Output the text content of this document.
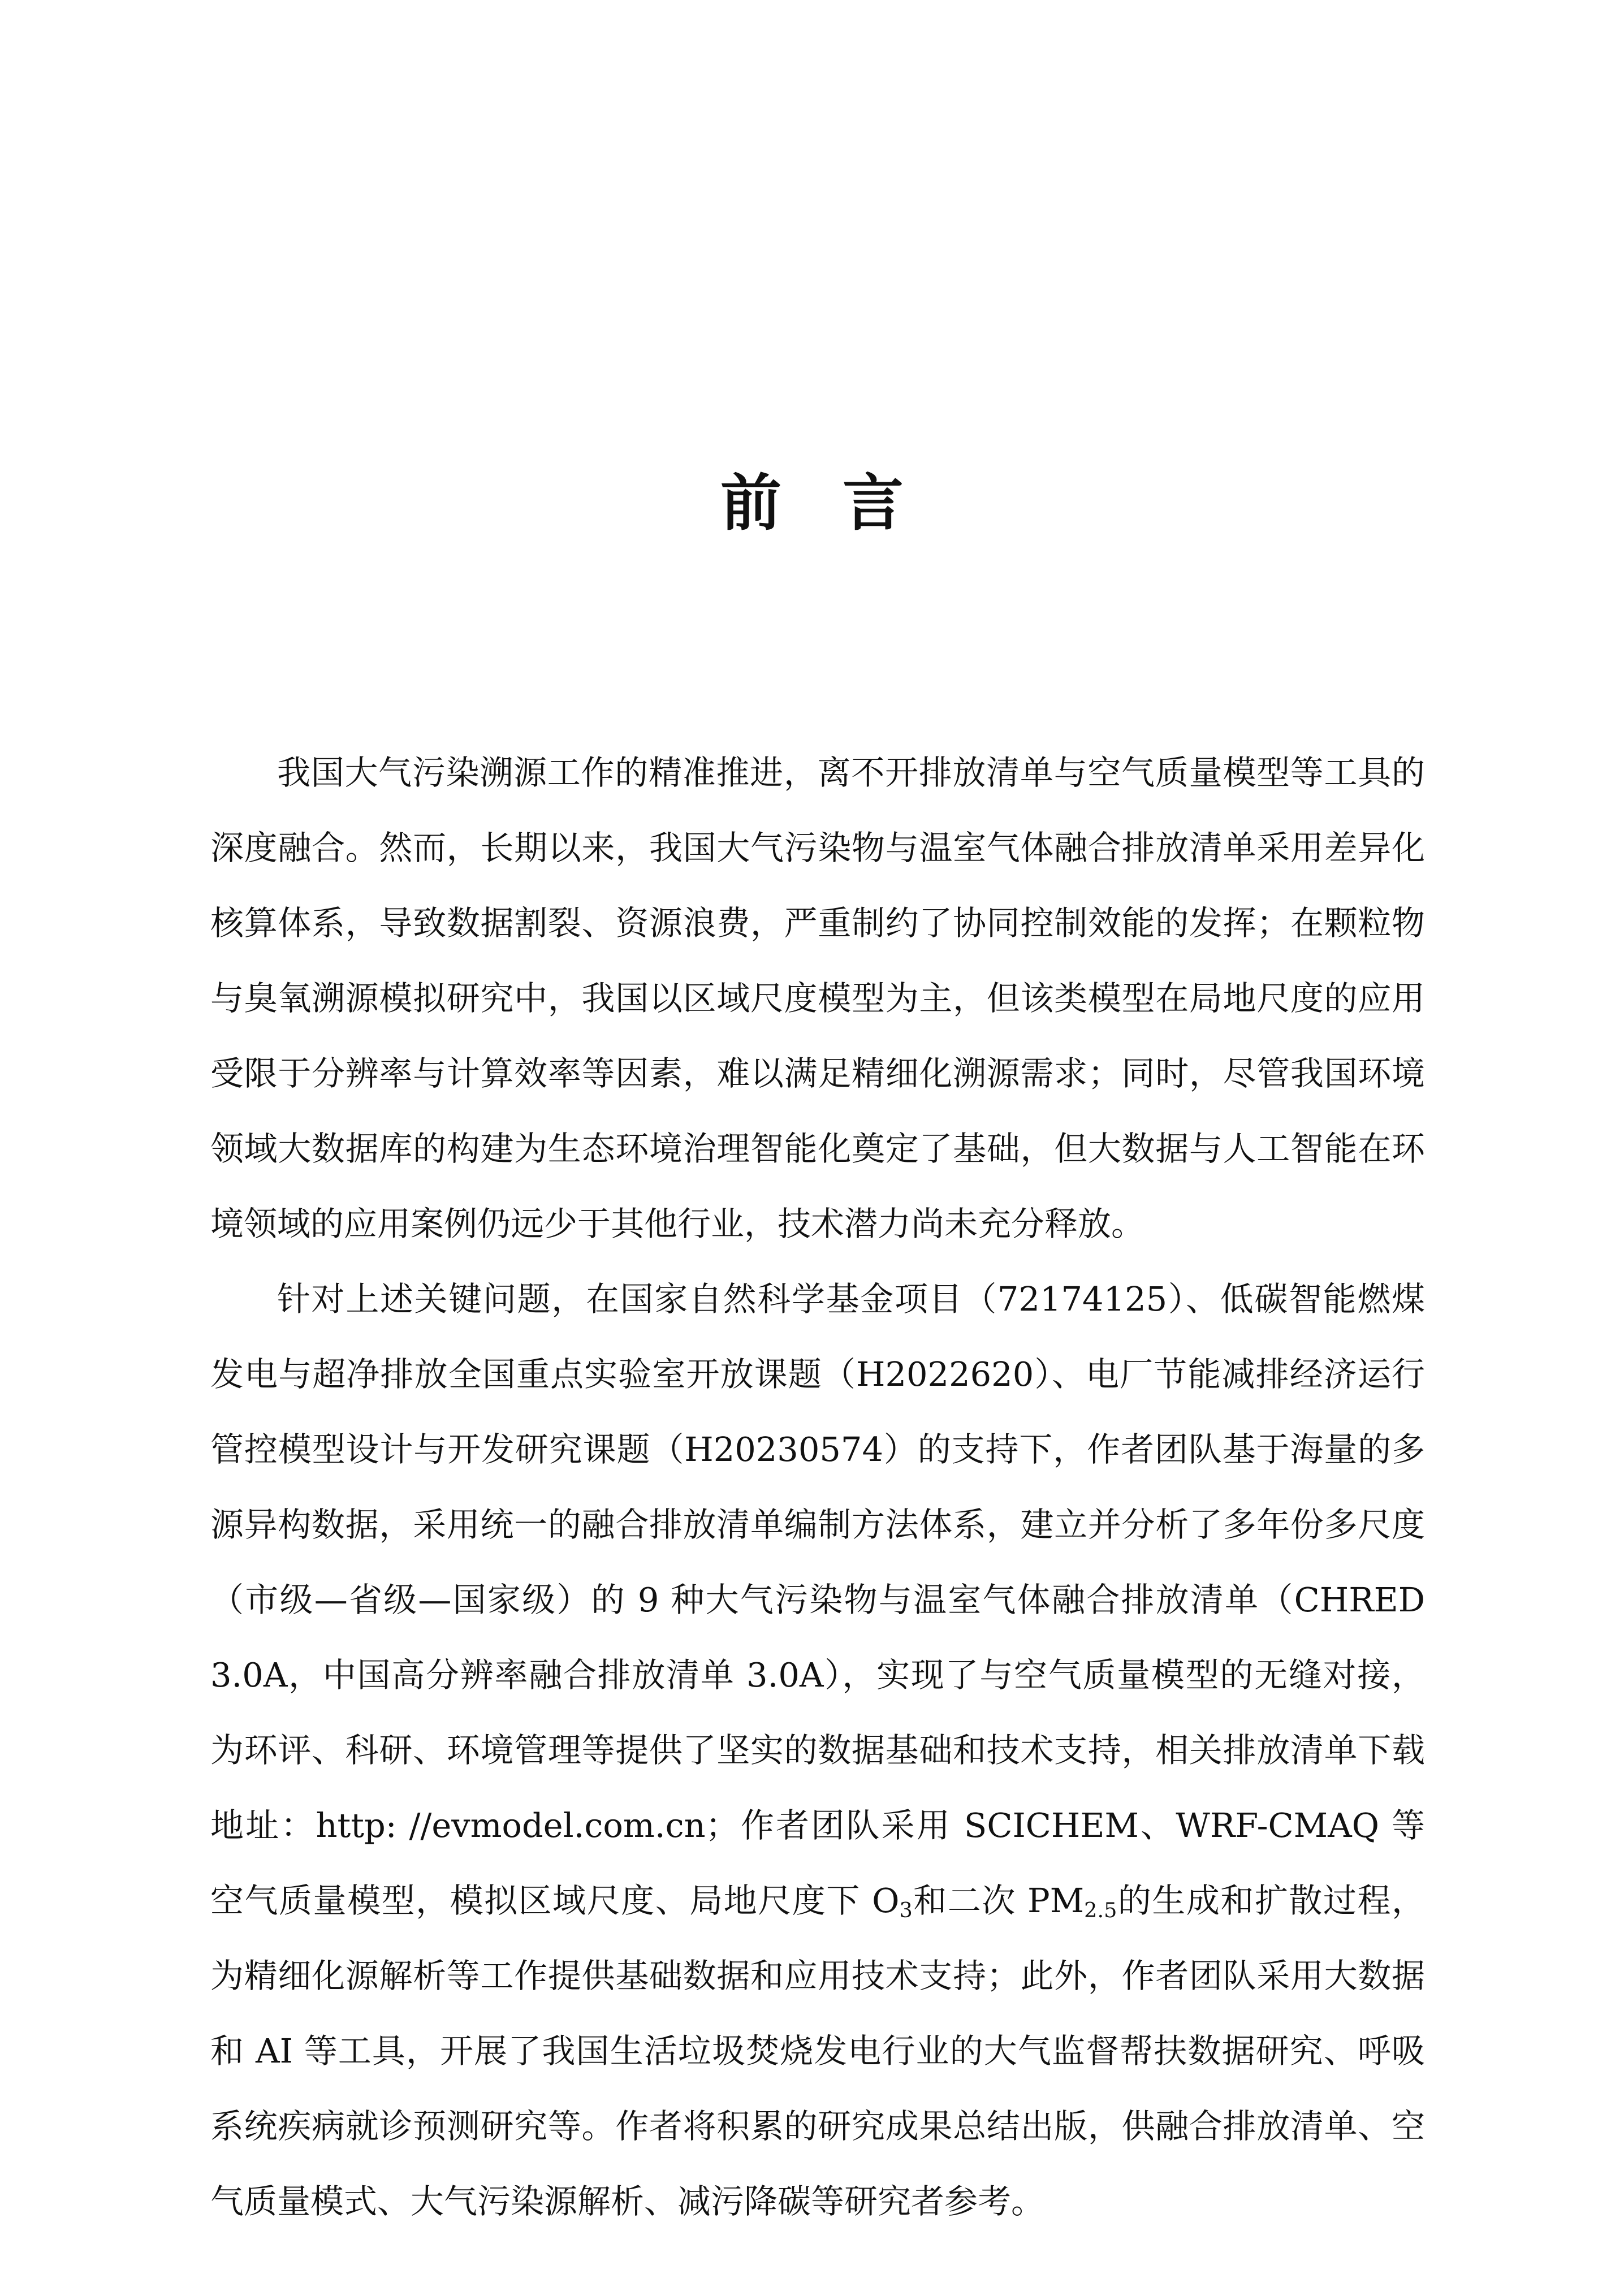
前　言

我国大气污染溯源工作的精准推进，离不开排放清单与空气质量模型等工具的深度融合。然而，长期以来，我国大气污染物与温室气体融合排放清单采用差异化核算体系，导致数据割裂、资源浪费，严重制约了协同控制效能的发挥；在颗粒物与臭氧溯源模拟研究中，我国以区域尺度模型为主，但该类模型在局地尺度的应用受限于分辨率与计算效率等因素，难以满足精细化溯源需求；同时，尽管我国环境领域大数据库的构建为生态环境治理智能化奠定了基础，但大数据与人工智能在环境领域的应用案例仍远少于其他行业，技术潜力尚未充分释放。

针对上述关键问题，在国家自然科学基金项目（72174125）、低碳智能燃煤发电与超净排放全国重点实验室开放课题（H2022620）、电厂节能减排经济运行管控模型设计与开发研究课题（H20230574）的支持下，作者团队基于海量的多源异构数据，采用统一的融合排放清单编制方法体系，建立并分析了多年份多尺度（市级—省级—国家级）的 9 种大气污染物与温室气体融合排放清单（CHRED 3.0A，中国高分辨率融合排放清单 3.0A），实现了与空气质量模型的无缝对接，为环评、科研、环境管理等提供了坚实的数据基础和技术支持，相关排放清单下载地址：http: //evmodel.com.cn；作者团队采用 SCICHEM、WRF-CMAQ 等空气质量模型，模拟区域尺度、局地尺度下 $O_3$和二次 $PM_{2.5}$的生成和扩散过程，为精细化源解析等工作提供基础数据和应用技术支持；此外，作者团队采用大数据和 AI 等工具，开展了我国生活垃圾焚烧发电行业的大气监督帮扶数据研究、呼吸系统疾病就诊预测研究等。作者将积累的研究成果总结出版，供融合排放清单、空气质量模式、大气污染源解析、减污降碳等研究者参考。
